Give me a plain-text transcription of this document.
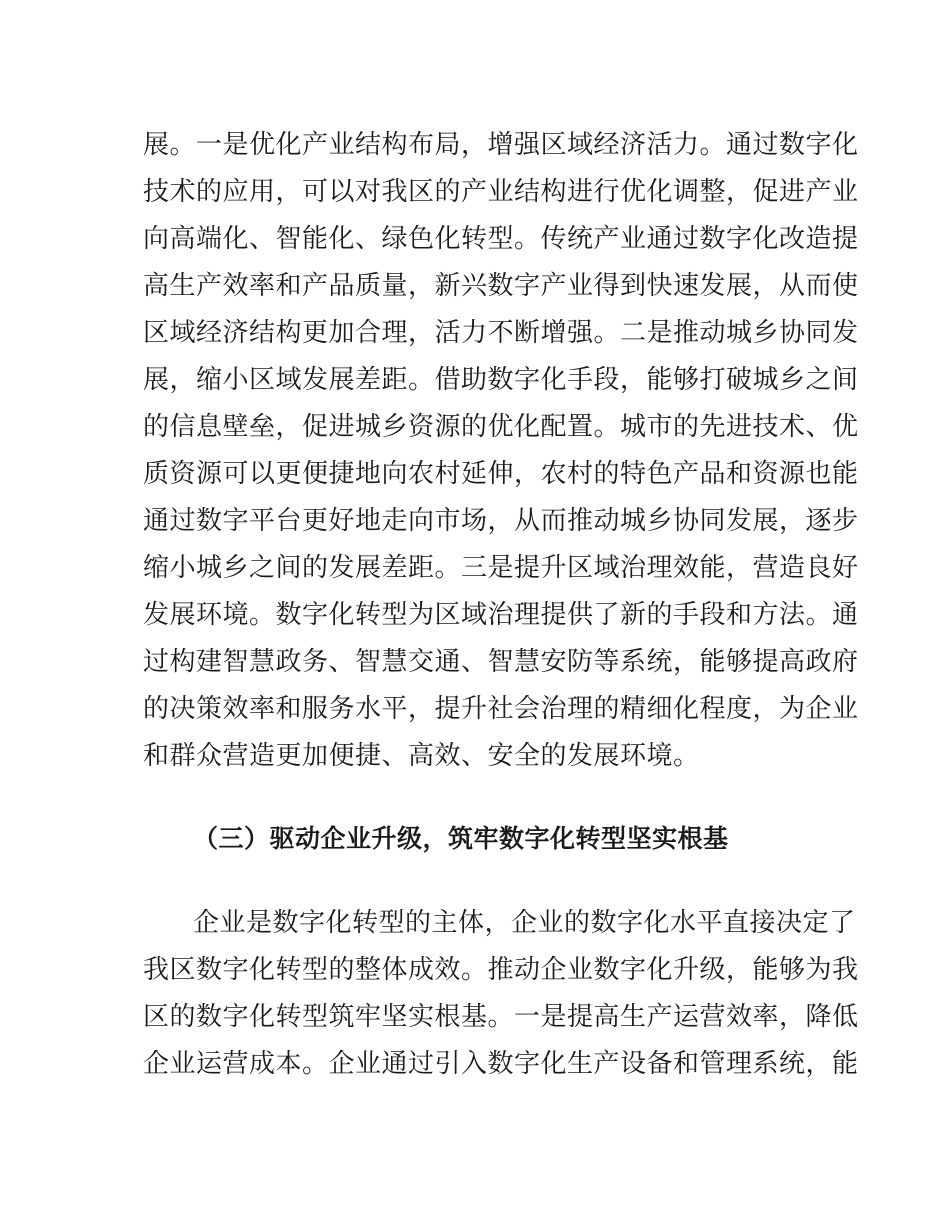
展。一是优化产业结构布局，增强区域经济活力。通过数字化
技术的应用，可以对我区的产业结构进行优化调整，促进产业
向高端化、智能化、绿色化转型。传统产业通过数字化改造提
高生产效率和产品质量，新兴数字产业得到快速发展，从而使
区域经济结构更加合理，活力不断增强。二是推动城乡协同发
展，缩小区域发展差距。借助数字化手段，能够打破城乡之间
的信息壁垒，促进城乡资源的优化配置。城市的先进技术、优
质资源可以更便捷地向农村延伸，农村的特色产品和资源也能
通过数字平台更好地走向市场，从而推动城乡协同发展，逐步
缩小城乡之间的发展差距。三是提升区域治理效能，营造良好
发展环境。数字化转型为区域治理提供了新的手段和方法。通
过构建智慧政务、智慧交通、智慧安防等系统，能够提高政府
的决策效率和服务水平，提升社会治理的精细化程度，为企业
和群众营造更加便捷、高效、安全的发展环境。
（三）驱动企业升级，筑牢数字化转型坚实根基
企业是数字化转型的主体，企业的数字化水平直接决定了
我区数字化转型的整体成效。推动企业数字化升级，能够为我
区的数字化转型筑牢坚实根基。一是提高生产运营效率，降低
企业运营成本。企业通过引入数字化生产设备和管理系统，能
